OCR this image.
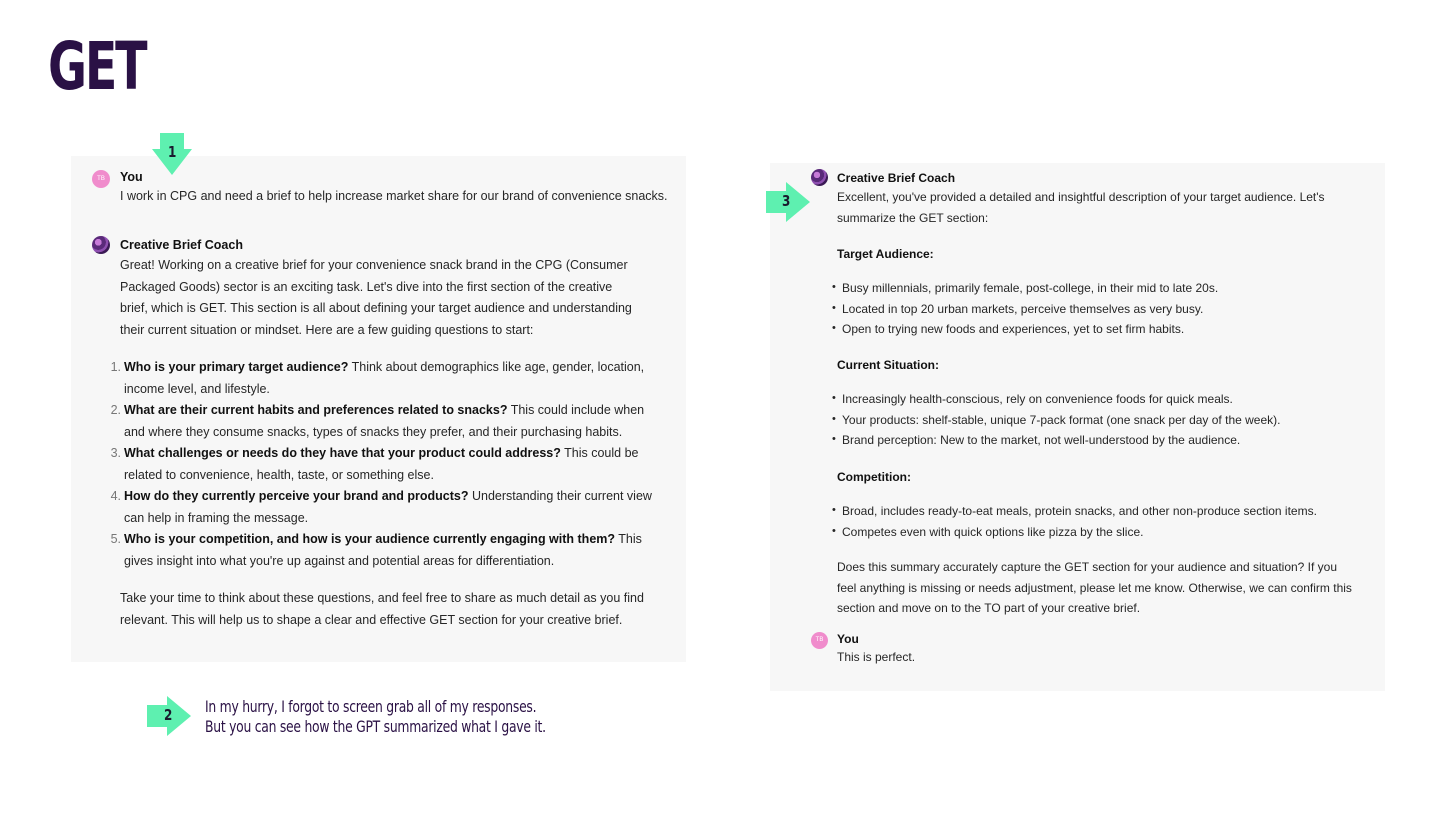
GET
TB	You
I work in CPG and need a brief to help increase market share for our brand of convenience snacks.
Creative Brief Coach
Great! Working on a creative brief for your convenience snack brand in the CPG (Consumer Packaged Goods) sector is an exciting task. Let's dive into the first section of the creative brief, which is GET. This section is all about defining your target audience and understanding their current situation or mindset. Here are a few guiding questions to start:
1. Who is your primary target audience? Think about demographics like age, gender, location, income level, and lifestyle.
2. What are their current habits and preferences related to snacks? This could include when and where they consume snacks, types of snacks they prefer, and their purchasing habits.
3. What challenges or needs do they have that your product could address? This could be related to convenience, health, taste, or something else.
4. How do they currently perceive your brand and products? Understanding their current view can help in framing the message.
5. Who is your competition, and how is your audience currently engaging with them? This gives insight into what you're up against and potential areas for differentiation.
Take your time to think about these questions, and feel free to share as much detail as you find relevant. This will help us to shape a clear and effective GET section for your creative brief.
Creative Brief Coach
Excellent, you've provided a detailed and insightful description of your target audience. Let's summarize the GET section:
Target Audience:
• Busy millennials, primarily female, post-college, in their mid to late 20s.
• Located in top 20 urban markets, perceive themselves as very busy.
• Open to trying new foods and experiences, yet to set firm habits.
Current Situation:
• Increasingly health-conscious, rely on convenience foods for quick meals.
• Your products: shelf-stable, unique 7-pack format (one snack per day of the week).
• Brand perception: New to the market, not well-understood by the audience.
Competition:
• Broad, includes ready-to-eat meals, protein snacks, and other non-produce section items.
• Competes even with quick options like pizza by the slice.
Does this summary accurately capture the GET section for your audience and situation? If you feel anything is missing or needs adjustment, please let me know. Otherwise, we can confirm this section and move on to the TO part of your creative brief.
TB	You
This is perfect.
1
3
2 In my hurry, I forgot to screen grab all of my responses.
But you can see how the GPT summarized what I gave it.
